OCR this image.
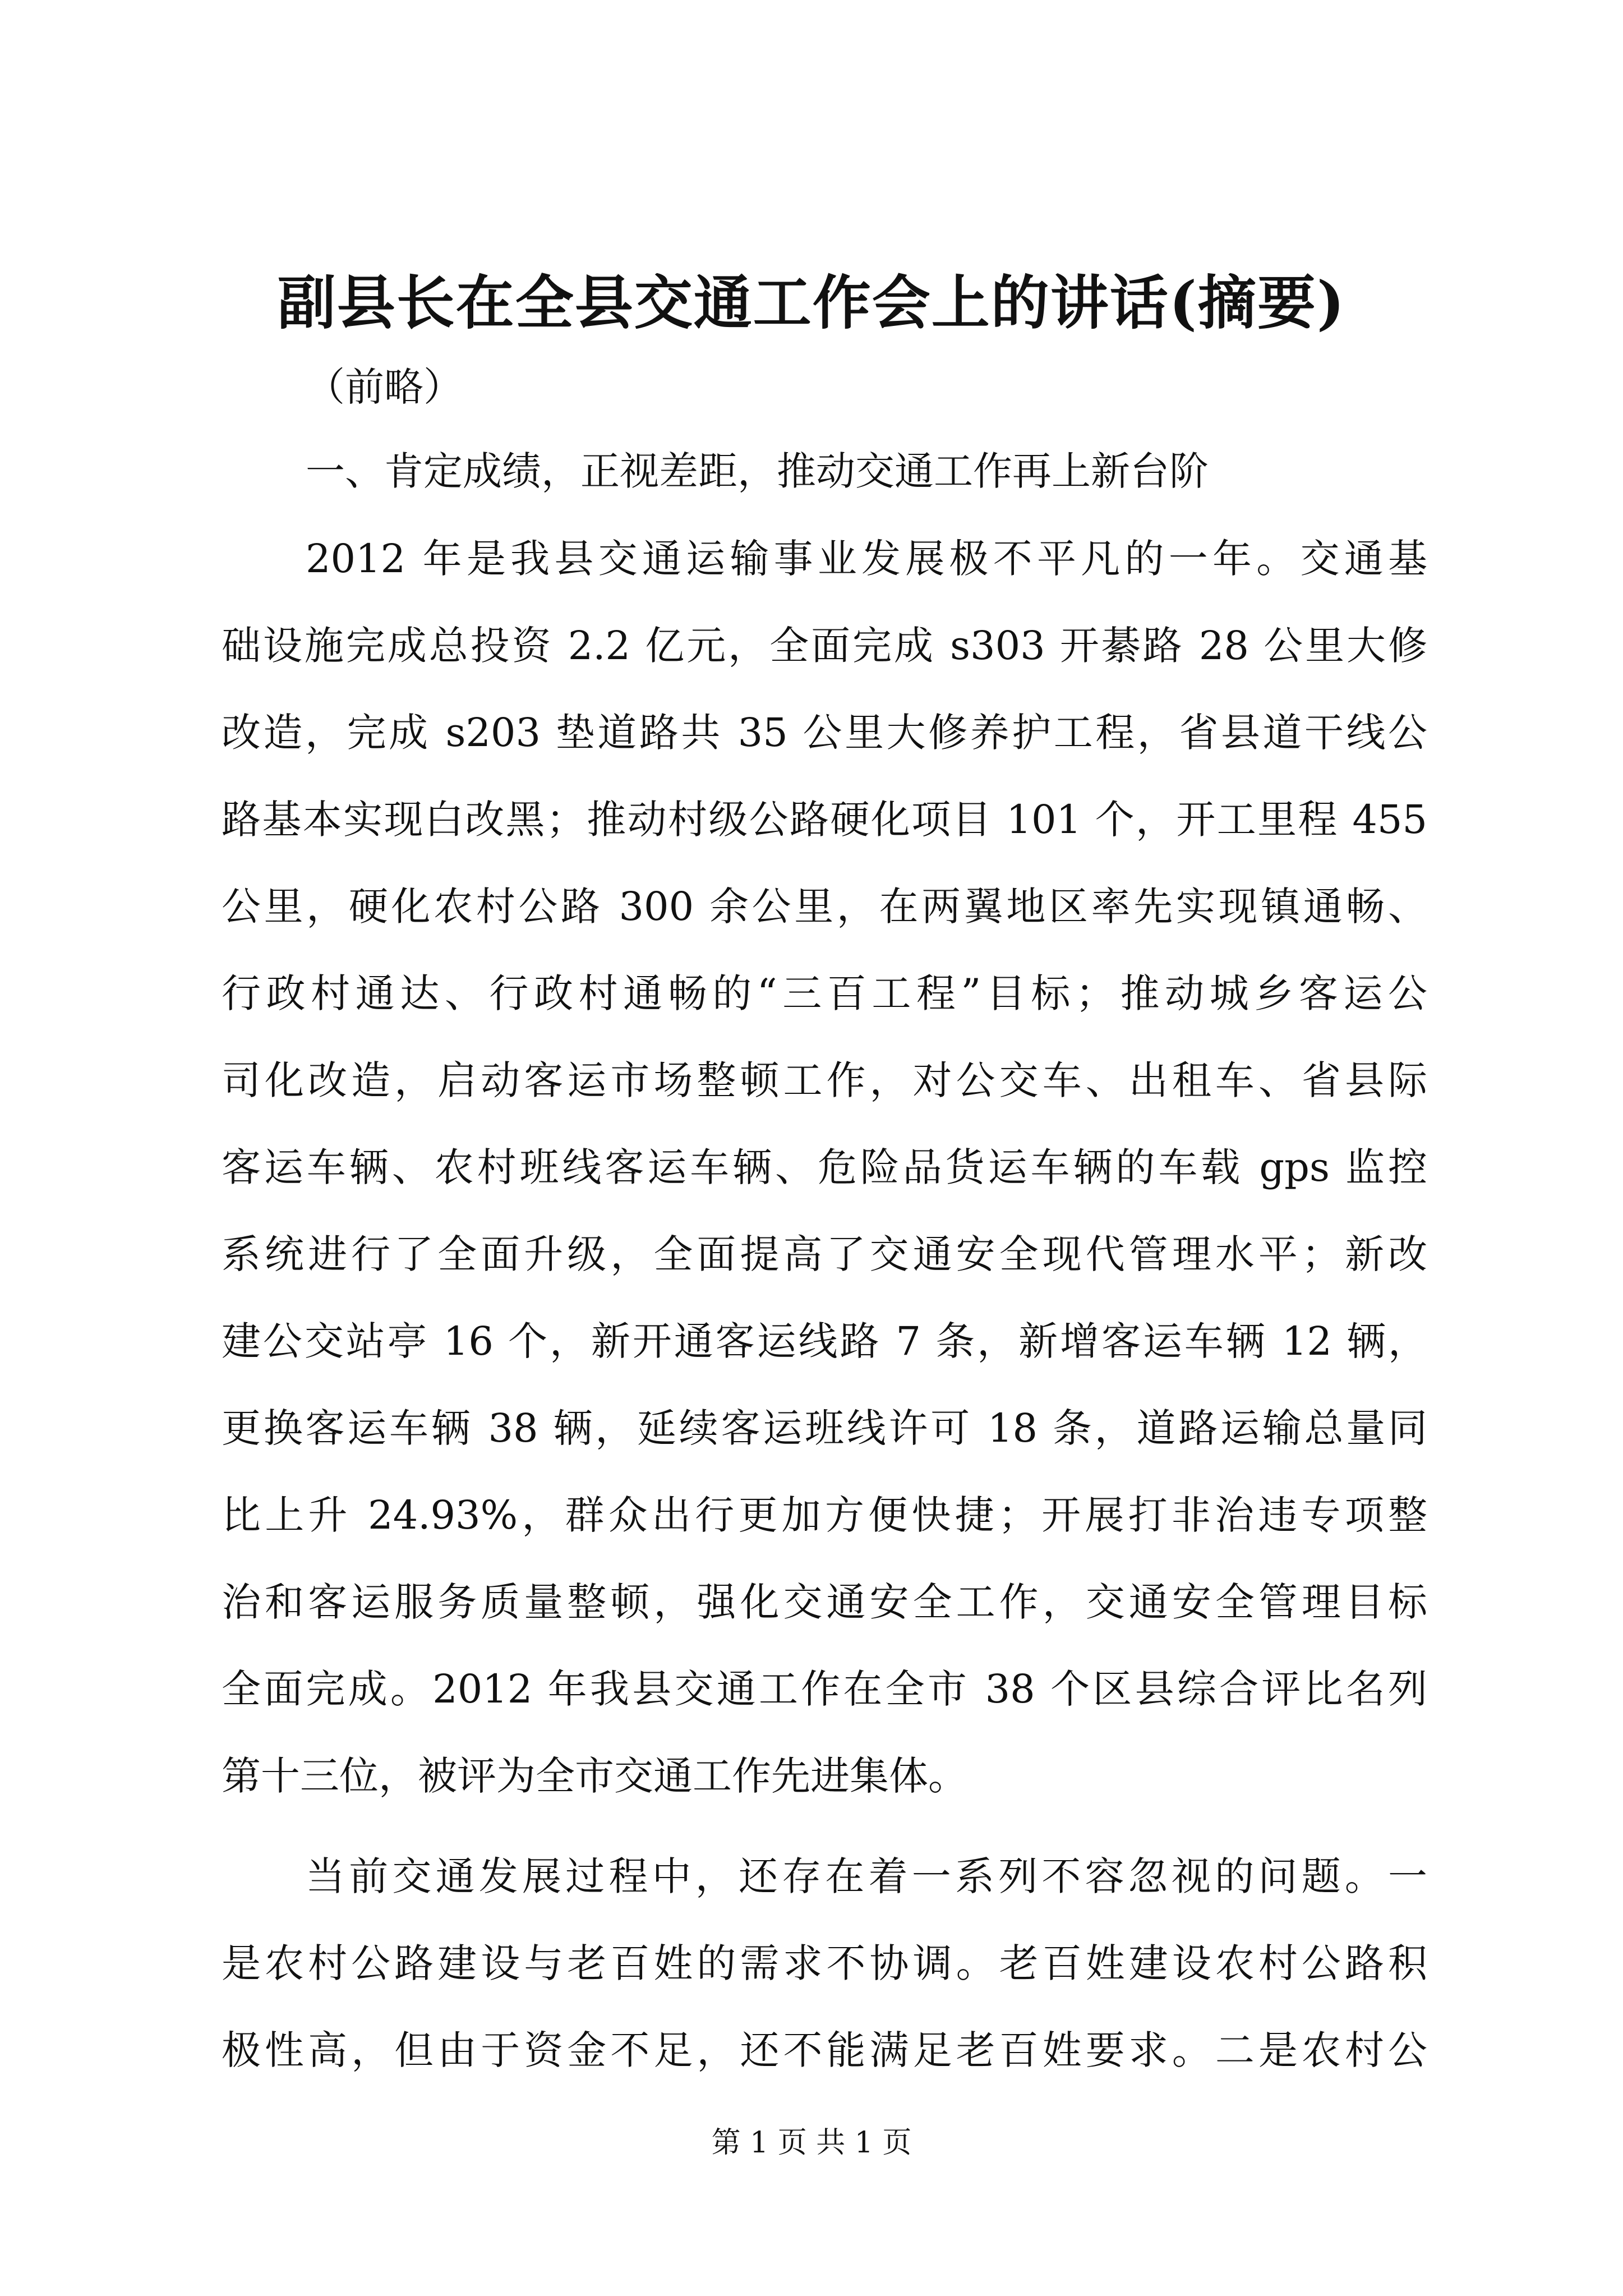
副县长在全县交通工作会上的讲话(摘要)
（前略）
一、肯定成绩，正视差距，推动交通工作再上新台阶
2012 年是我县交通运输事业发展极不平凡的一年。交通基
础设施完成总投资 2.2 亿元，全面完成 s303 开綦路 28 公里大修
改造，完成 s203 垫道路共 35 公里大修养护工程，省县道干线公
路基本实现白改黑；推动村级公路硬化项目 101 个，开工里程 455
公里，硬化农村公路 300 余公里，在两翼地区率先实现镇通畅、
行政村通达、行政村通畅的“三百工程”目标；推动城乡客运公
司化改造，启动客运市场整顿工作，对公交车、出租车、省县际
客运车辆、农村班线客运车辆、危险品货运车辆的车载 gps 监控
系统进行了全面升级，全面提高了交通安全现代管理水平；新改
建公交站亭 16 个，新开通客运线路 7 条，新增客运车辆 12 辆，
更换客运车辆 38 辆，延续客运班线许可 18 条，道路运输总量同
比上升 24.93%，群众出行更加方便快捷；开展打非治违专项整
治和客运服务质量整顿，强化交通安全工作，交通安全管理目标
全面完成。2012 年我县交通工作在全市 38 个区县综合评比名列
第十三位，被评为全市交通工作先进集体。
当前交通发展过程中，还存在着一系列不容忽视的问题。一
是农村公路建设与老百姓的需求不协调。老百姓建设农村公路积
极性高，但由于资金不足，还不能满足老百姓要求。二是农村公
第 1 页 共 1 页
